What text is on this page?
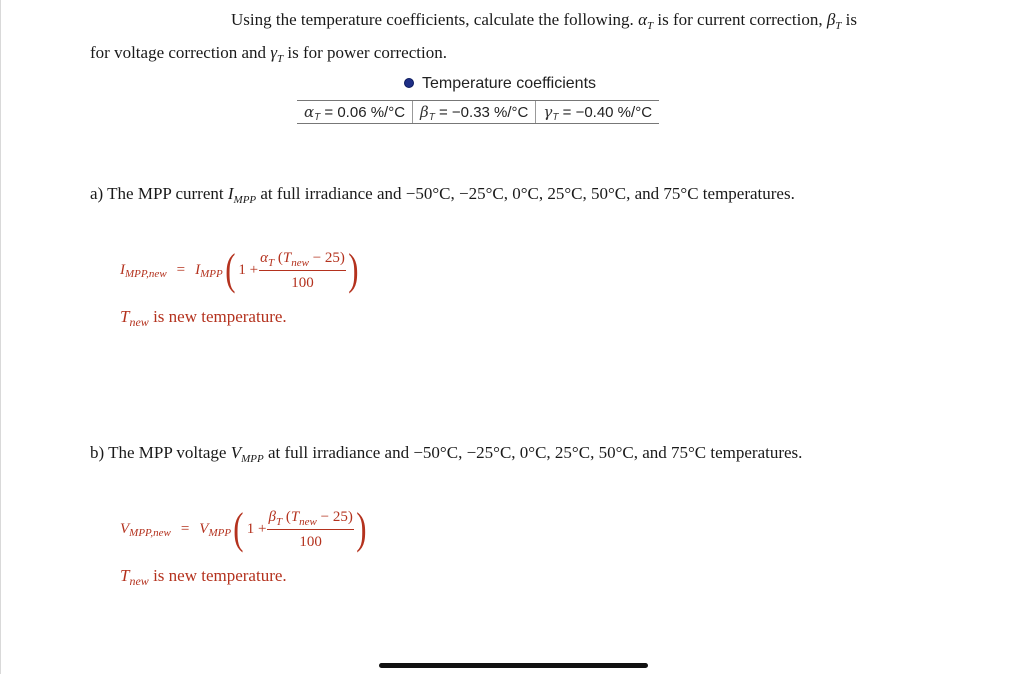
Using the temperature coefficients, calculate the following. $\alpha_T$ is for current correction, $\beta_T$ is
for voltage correction and $\gamma_T$ is for power correction.
Temperature coefficients
$\alpha_T = 0.06$ %/°C	$\beta_T = -0.33$ %/°C	$\gamma_T = -0.40$ %/°C
a) The MPP current $I_{MPP}$ at full irradiance and −50°C, −25°C, 0°C, 25°C, 50°C, and 75°C temperatures.
I MPP,new = I MPP ( $1 + \frac{\alpha_T (T_{new} - 25)}{100}$ )
$T_{new}$ is new temperature.
b) The MPP voltage $V_{MPP}$ at full irradiance and −50°C, −25°C, 0°C, 25°C, 50°C, and 75°C temperatures.
V MPP,new = V MPP ( $1 + \frac{\beta_T (T_{new} - 25)}{100}$ )
$T_{new}$ is new temperature.
